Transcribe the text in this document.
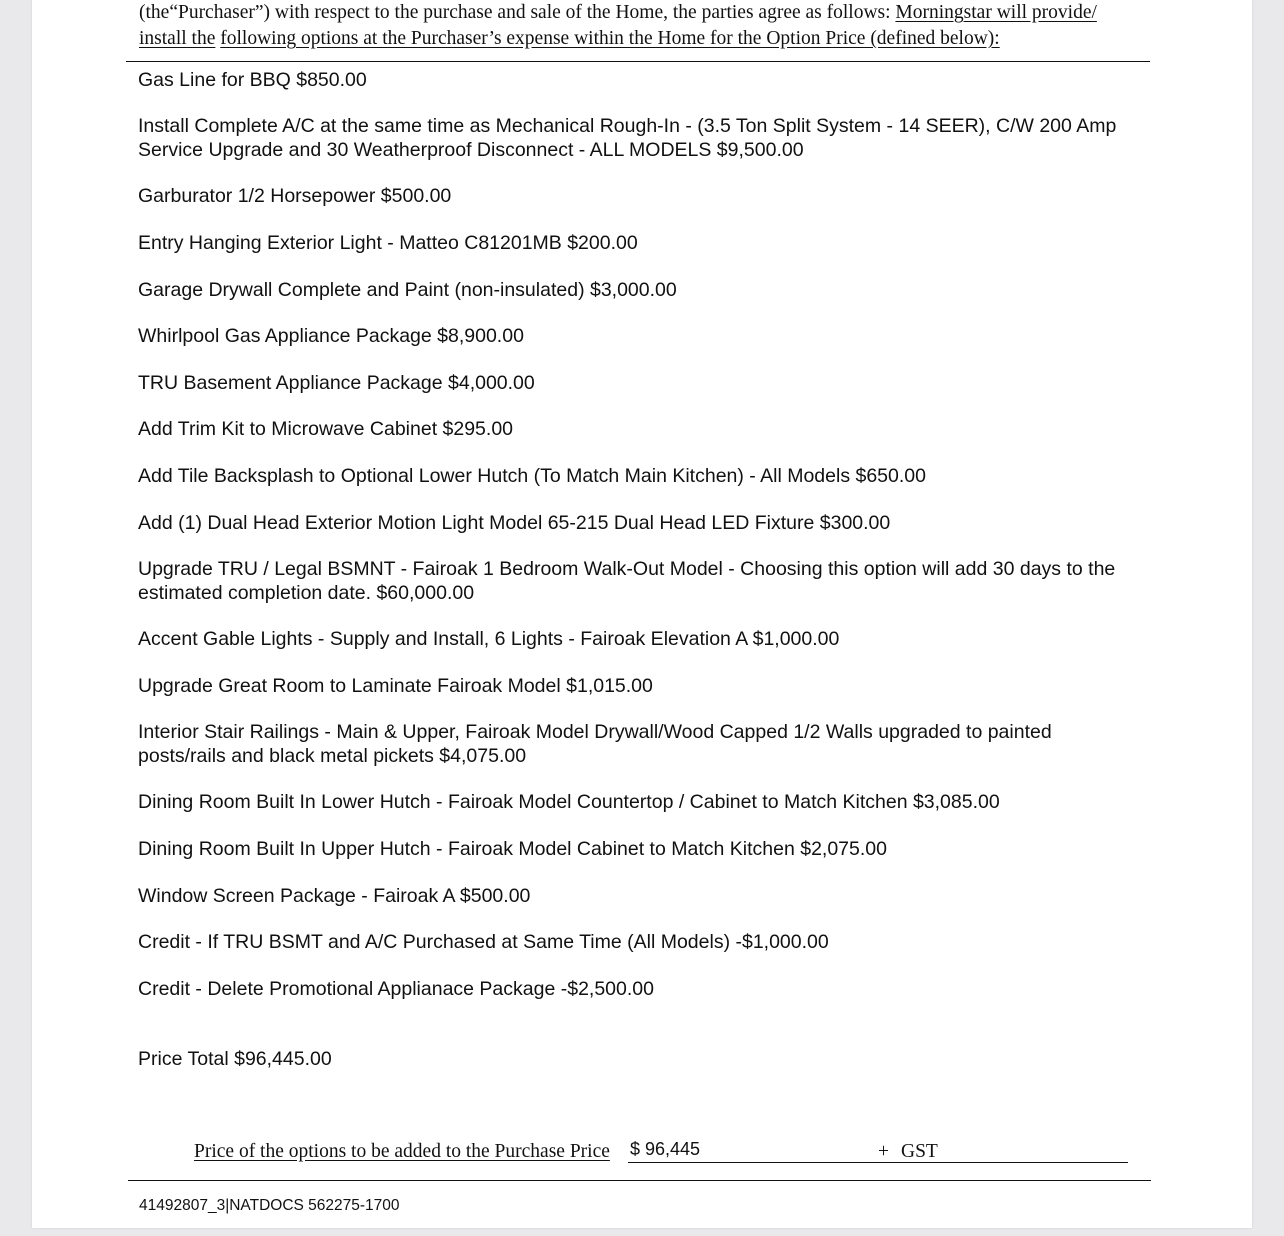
(the“Purchaser”) with respect to the purchase and sale of the Home, the parties agree as follows: Morningstar will provide/
install the following options at the Purchaser’s expense within the Home for the Option Price (defined below):
Gas Line for BBQ $850.00
Install Complete A/C at the same time as Mechanical Rough-In - (3.5 Ton Split System - 14 SEER), C/W 200 Amp Service Upgrade and 30 Weatherproof Disconnect - ALL MODELS $9,500.00
Garburator 1/2 Horsepower $500.00
Entry Hanging Exterior Light - Matteo C81201MB $200.00
Garage Drywall Complete and Paint (non-insulated) $3,000.00
Whirlpool Gas Appliance Package $8,900.00
TRU Basement Appliance Package $4,000.00
Add Trim Kit to Microwave Cabinet $295.00
Add Tile Backsplash to Optional Lower Hutch (To Match Main Kitchen) - All Models $650.00
Add (1) Dual Head Exterior Motion Light Model 65-215 Dual Head LED Fixture $300.00
Upgrade TRU / Legal BSMNT - Fairoak 1 Bedroom Walk-Out Model - Choosing this option will add 30 days to the estimated completion date. $60,000.00
Accent Gable Lights - Supply and Install, 6 Lights - Fairoak Elevation A $1,000.00
Upgrade Great Room to Laminate Fairoak Model $1,015.00
Interior Stair Railings - Main & Upper, Fairoak Model Drywall/Wood Capped 1/2 Walls upgraded to painted posts/rails and black metal pickets $4,075.00
Dining Room Built In Lower Hutch - Fairoak Model Countertop / Cabinet to Match Kitchen $3,085.00
Dining Room Built In Upper Hutch - Fairoak Model Cabinet to Match Kitchen $2,075.00
Window Screen Package - Fairoak A $500.00
Credit - If TRU BSMT and A/C Purchased at Same Time (All Models) -$1,000.00
Credit - Delete Promotional Applianace Package -$2,500.00
Price Total $96,445.00
Price of the options to be added to the Purchase Price $ 96,445	+ GST
41492807_3|NATDOCS 562275-1700
